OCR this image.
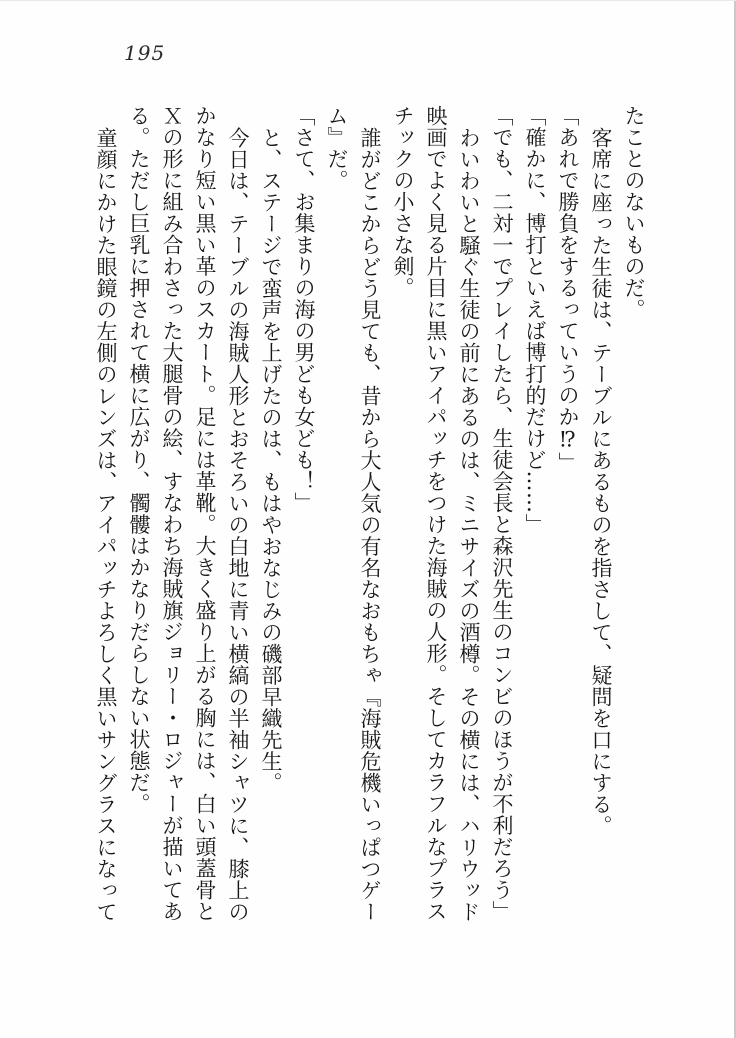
195
たことのないものだ。
客席に座った生徒は、テーブルにあるものを指さして、疑問を口にする。
「あれで勝負をするっていうのか⁉」
「確かに、博打といえば博打的だけど……」
「でも、二対一でプレイしたら、生徒会長と森沢先生のコンビのほうが不利だろう」
わいわいと騒ぐ生徒の前にあるのは、ミニサイズの酒樽。その横には、ハリウッド
映画でよく見る片目に黒いアイパッチをつけた海賊の人形。そしてカラフルなプラス
チックの小さな剣。
誰がどこからどう見ても、昔から大人気の有名なおもちゃ『海賊危機いっぱつゲー
ム』だ。
「さて、お集まりの海の男ども女ども！」
と、ステージで蛮声を上げたのは、もはやおなじみの磯部早織先生。
今日は、テーブルの海賊人形とおそろいの白地に青い横縞の半袖シャツに、膝上の
かなり短い黒い革のスカート。足には革靴。大きく盛り上がる胸には、白い頭蓋骨と
Ｘの形に組み合わさった大腿骨の絵、すなわち海賊旗ジョリー・ロジャーが描いてあ
る。ただし巨乳に押されて横に広がり、髑髏はかなりだらしない状態だ。
童顔にかけた眼鏡の左側のレンズは、アイパッチよろしく黒いサングラスになって
